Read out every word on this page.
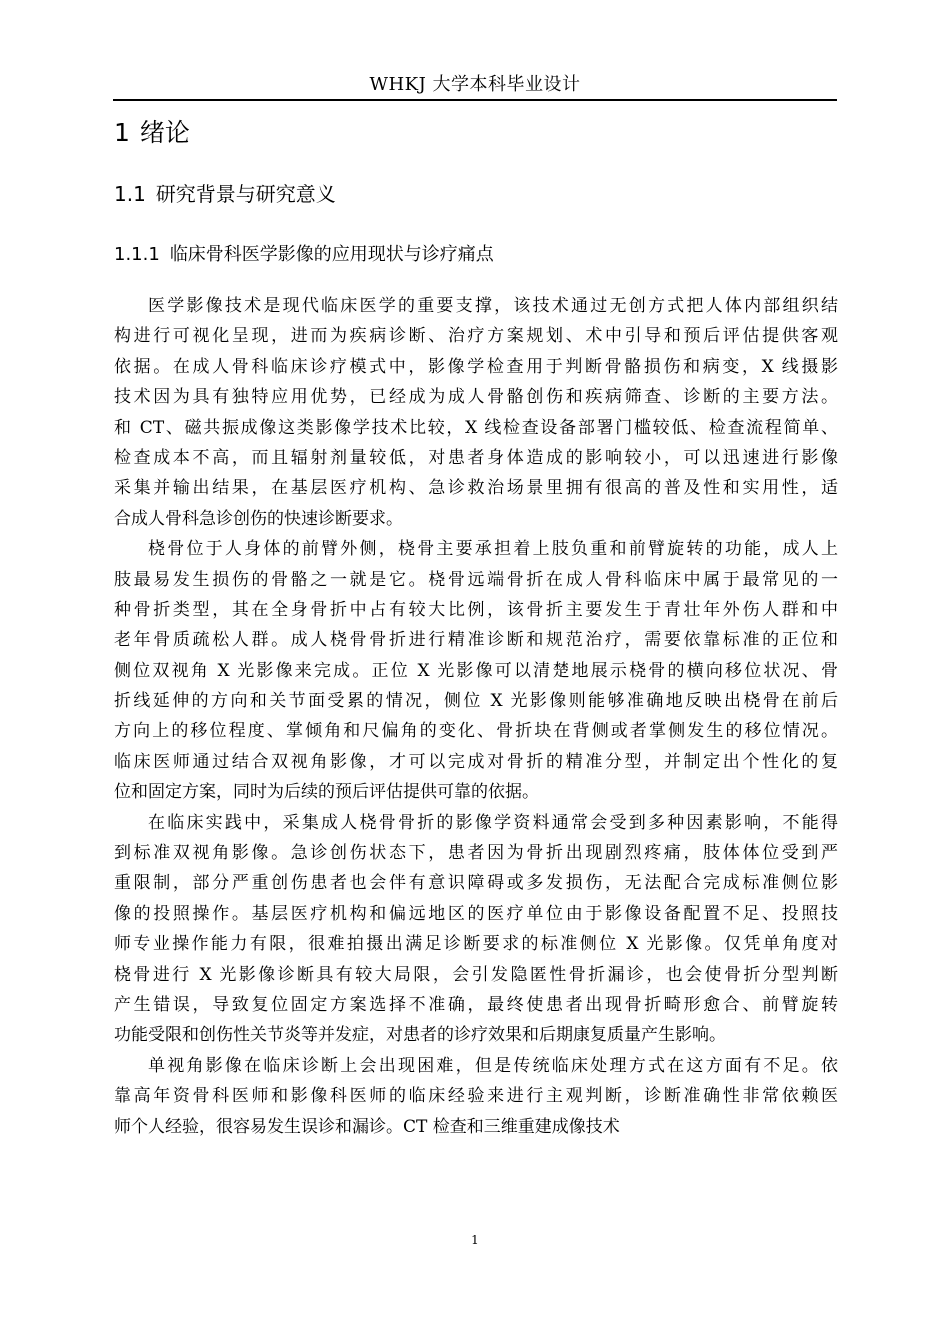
WHKJ 大学本科毕业设计
1 绪论
1.1 研究背景与研究意义
1.1.1 临床骨科医学影像的应用现状与诊疗痛点
医学影像技术是现代临床医学的重要支撑，该技术通过无创方式把人体内部组织结
构进行可视化呈现，进而为疾病诊断、治疗方案规划、术中引导和预后评估提供客观
依据。在成人骨科临床诊疗模式中，影像学检查用于判断骨骼损伤和病变，X 线摄影
技术因为具有独特应用优势，已经成为成人骨骼创伤和疾病筛查、诊断的主要方法。
和 CT、磁共振成像这类影像学技术比较，X 线检查设备部署门槛较低、检查流程简单、
检查成本不高，而且辐射剂量较低，对患者身体造成的影响较小，可以迅速进行影像
采集并输出结果，在基层医疗机构、急诊救治场景里拥有很高的普及性和实用性，适
合成人骨科急诊创伤的快速诊断要求。
桡骨位于人身体的前臂外侧，桡骨主要承担着上肢负重和前臂旋转的功能，成人上
肢最易发生损伤的骨骼之一就是它。桡骨远端骨折在成人骨科临床中属于最常见的一
种骨折类型，其在全身骨折中占有较大比例，该骨折主要发生于青壮年外伤人群和中
老年骨质疏松人群。成人桡骨骨折进行精准诊断和规范治疗，需要依靠标准的正位和
侧位双视角 X 光影像来完成。正位 X 光影像可以清楚地展示桡骨的横向移位状况、骨
折线延伸的方向和关节面受累的情况，侧位 X 光影像则能够准确地反映出桡骨在前后
方向上的移位程度、掌倾角和尺偏角的变化、骨折块在背侧或者掌侧发生的移位情况。
临床医师通过结合双视角影像，才可以完成对骨折的精准分型，并制定出个性化的复
位和固定方案，同时为后续的预后评估提供可靠的依据。
在临床实践中，采集成人桡骨骨折的影像学资料通常会受到多种因素影响，不能得
到标准双视角影像。急诊创伤状态下，患者因为骨折出现剧烈疼痛，肢体体位受到严
重限制，部分严重创伤患者也会伴有意识障碍或多发损伤，无法配合完成标准侧位影
像的投照操作。基层医疗机构和偏远地区的医疗单位由于影像设备配置不足、投照技
师专业操作能力有限，很难拍摄出满足诊断要求的标准侧位 X 光影像。仅凭单角度对
桡骨进行 X 光影像诊断具有较大局限，会引发隐匿性骨折漏诊，也会使骨折分型判断
产生错误，导致复位固定方案选择不准确，最终使患者出现骨折畸形愈合、前臂旋转
功能受限和创伤性关节炎等并发症，对患者的诊疗效果和后期康复质量产生影响。
单视角影像在临床诊断上会出现困难，但是传统临床处理方式在这方面有不足。依
靠高年资骨科医师和影像科医师的临床经验来进行主观判断，诊断准确性非常依赖医
师个人经验，很容易发生误诊和漏诊。CT 检查和三维重建成像技术
1
